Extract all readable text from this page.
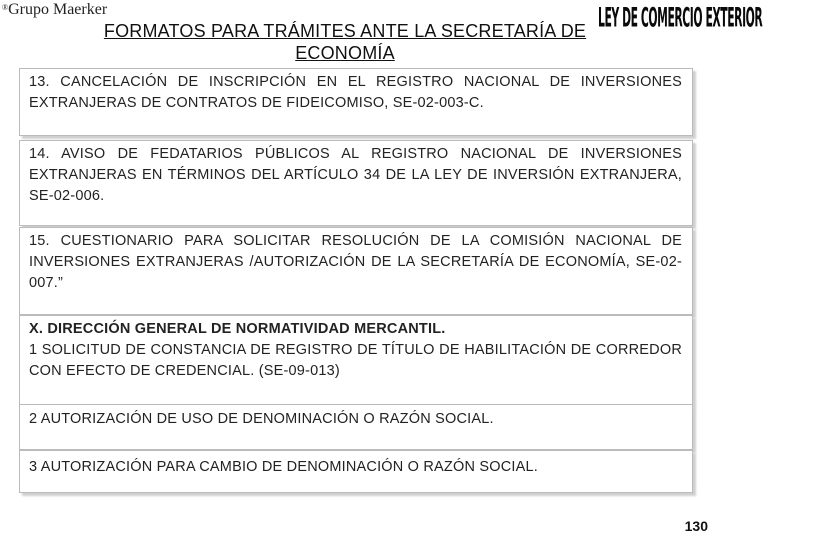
®Grupo Maerker
FORMATOS PARA TRÁMITES ANTE LA SECRETARÍA DE
ECONOMÍA
LEY DE COMERCIO EXTERIOR
13. CANCELACIÓN DE INSCRIPCIÓN EN EL REGISTRO NACIONAL DE INVERSIONES EXTRANJERAS DE CONTRATOS DE FIDEICOMISO, SE-02-003-C.
14. AVISO DE FEDATARIOS PÚBLICOS AL REGISTRO NACIONAL DE INVERSIONES EXTRANJERAS EN TÉRMINOS DEL ARTÍCULO 34 DE LA LEY DE INVERSIÓN EXTRANJERA, SE-02-006.
15. CUESTIONARIO PARA SOLICITAR RESOLUCIÓN DE LA COMISIÓN NACIONAL DE INVERSIONES EXTRANJERAS /AUTORIZACIÓN DE LA SECRETARÍA DE ECONOMÍA, SE-02-007.”
X. DIRECCIÓN GENERAL DE NORMATIVIDAD MERCANTIL.
1 SOLICITUD DE CONSTANCIA DE REGISTRO DE TÍTULO DE HABILITACIÓN DE CORREDOR CON EFECTO DE CREDENCIAL. (SE-09-013)
2 AUTORIZACIÓN DE USO DE DENOMINACIÓN O RAZÓN SOCIAL.
3 AUTORIZACIÓN PARA CAMBIO DE DENOMINACIÓN O RAZÓN SOCIAL.
130
